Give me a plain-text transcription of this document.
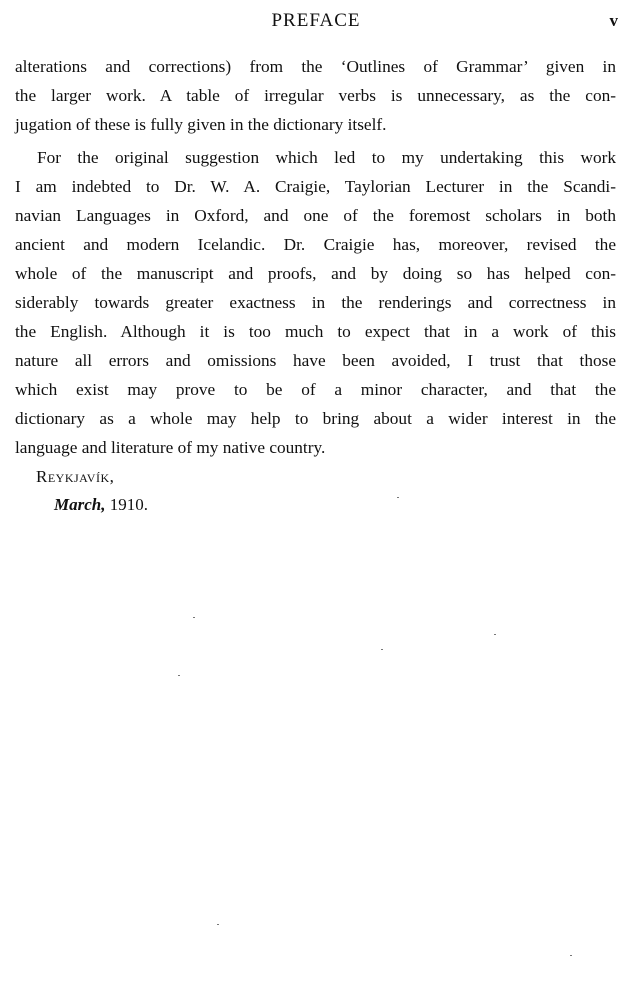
PREFACE	v
alterations and corrections) from the ‘Outlines of Grammar’ given in
the larger work. A table of irregular verbs is unnecessary, as the con-
jugation of these is fully given in the dictionary itself.
For the original suggestion which led to my undertaking this work
I am indebted to Dr. W. A. Craigie, Taylorian Lecturer in the Scandi-
navian Languages in Oxford, and one of the foremost scholars in both
ancient and modern Icelandic. Dr. Craigie has, moreover, revised the
whole of the manuscript and proofs, and by doing so has helped con-
siderably towards greater exactness in the renderings and correctness in
the English. Although it is too much to expect that in a work of this
nature all errors and omissions have been avoided, I trust that those
which exist may prove to be of a minor character, and that the
dictionary as a whole may help to bring about a wider interest in the
language and literature of my native country.
Reykjavík,
March, 1910.
